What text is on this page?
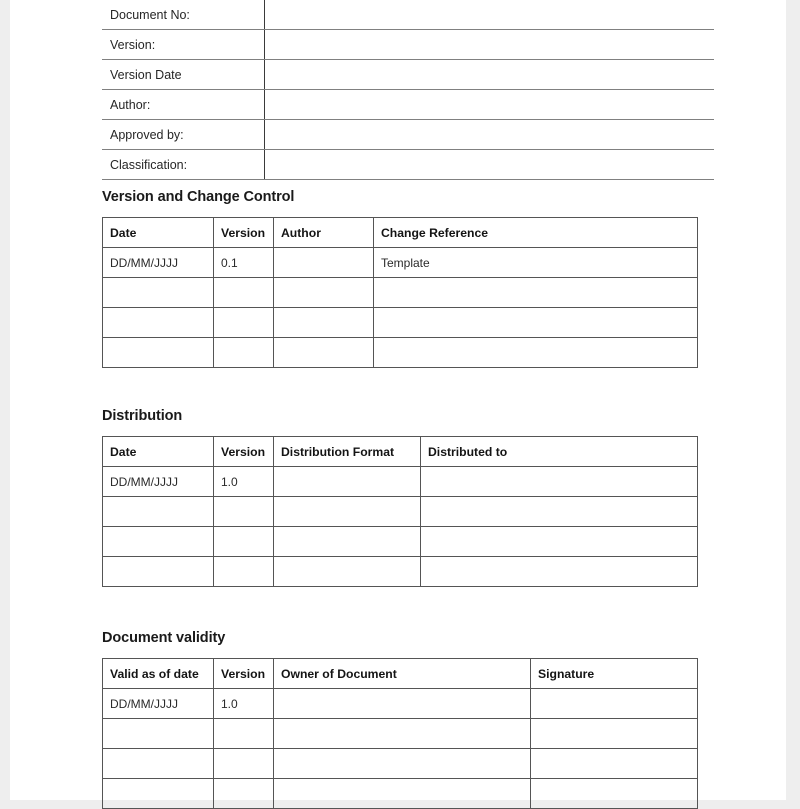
Document No:	
Version:	
Version Date	
Author:	
Approved by:	
Classification:	
Version and Change Control
Date	Version	Author	Change Reference
DD/MM/JJJJ	0.1		Template

Distribution
Date	Version	Distribution Format	Distributed to
DD/MM/JJJJ	1.0		

Document validity
Valid as of date	Version	Owner of Document	Signature
DD/MM/JJJJ	1.0		
